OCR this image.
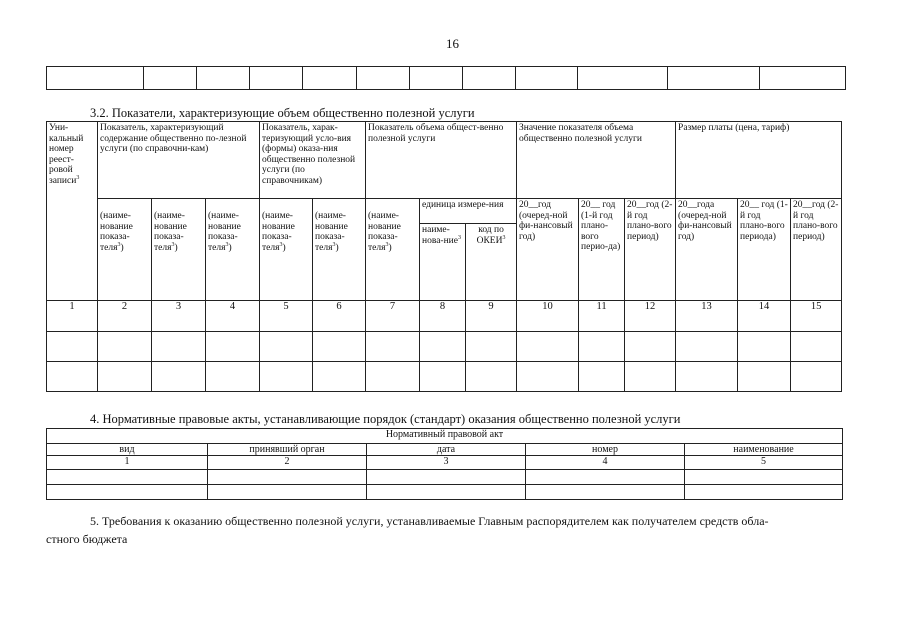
16

3.2. Показатели, характеризующие объем общественно полезной услуги
Уни-кальный номер реест-ровой записи$^3$	Показатель, характеризующий содержание общественно по-лезной услуги (по справочни-кам)			Показатель, харак-теризующий усло-вия (формы) оказа-ния общественно полезной услуги (по справочникам)		Показатель объема общест-венно полезной услуги			Значение показателя объема общественно полезной услуги			Размер платы (цена, тариф)		
	(наиме-нование показа-теля$^3$)	(наиме-нование показа-теля$^3$)	(наиме-нование показа-теля$^3$)	(наиме-нование показа-теля$^3$)	(наиме-нование показа-теля$^3$)	(наиме-нование показа-теля$^3$)	единица измере-ния		20__год (очеред-ной фи-нансовый год)	20__ год (1-й год плано-вого перио-да)	20__год (2-й год плано-вого период)	20__года (очеред-ной фи-нансовый год)	20__ год (1-й год плано-вого периода)	20__год (2-й год плано-вого период)
							наиме-нова-ние$^3$	код по ОКЕИ$^3$
1	2	3	4	5	6	7	8	9	10	11	12	13	14	15

4. Нормативные правовые акты, устанавливающие порядок (стандарт) оказания общественно полезной услуги
Нормативный правовой акт				
вид	принявший орган	дата	номер	наименование
1	2	3	4	5

5. Требования к оказанию общественно полезной услуги, устанавливаемые Главным распорядителем как получателем средств обла-
стного бюджета
